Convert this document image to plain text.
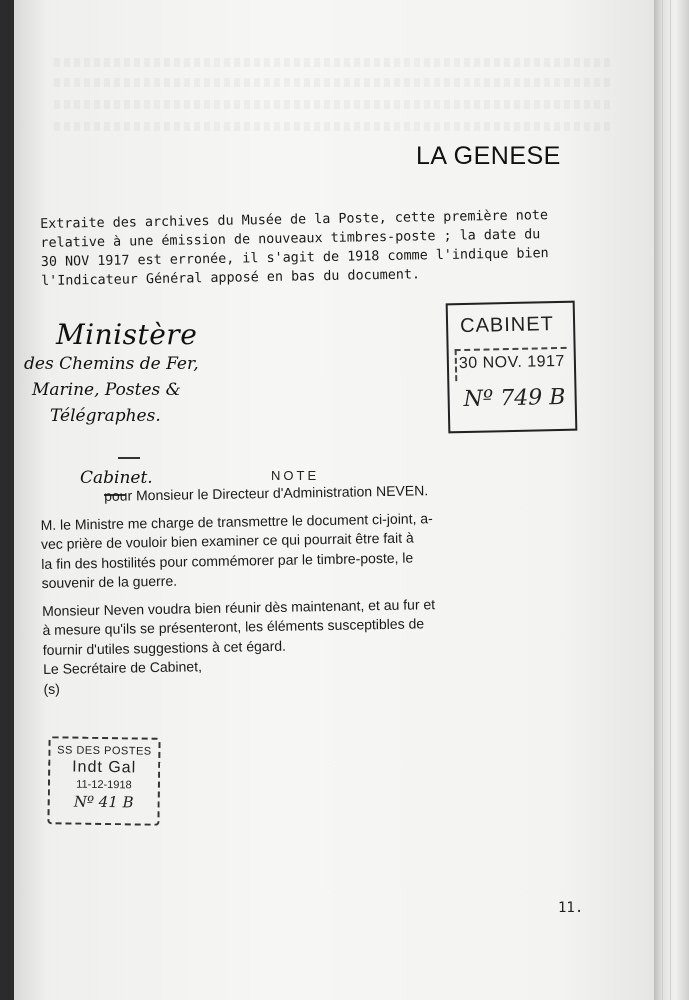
LA GENESE

Extraite des archives du Musée de la Poste, cette première note

relative à une émission de nouveaux timbres-poste ; la date du

30 NOV 1917 est erronée, il s'agit de 1918 comme l'indique bien

l'Indicateur Général apposé en bas du document.

Ministère
des Chemins de Fer,
Marine, Postes &
Télégraphes.
Cabinet.	NOTE
CABINET
30 NOV. 1917
Nº 749 B

pour Monsieur le Directeur d'Administration NEVEN.

M. le Ministre me charge de transmettre le document ci-joint, a-

vec prière de vouloir bien examiner ce qui pourrait être fait à

la fin des hostilités pour commémorer par le timbre-poste, le

souvenir de la guerre.

Monsieur Neven voudra bien réunir dès maintenant, et au fur et

à mesure qu'ils se présenteront, les éléments susceptibles de

fournir d'utiles suggestions à cet égard.

Le Secrétaire de Cabinet,

(s)

SS DES POSTES
Indt Gal
11-12-1918
Nº 41 B
11.
